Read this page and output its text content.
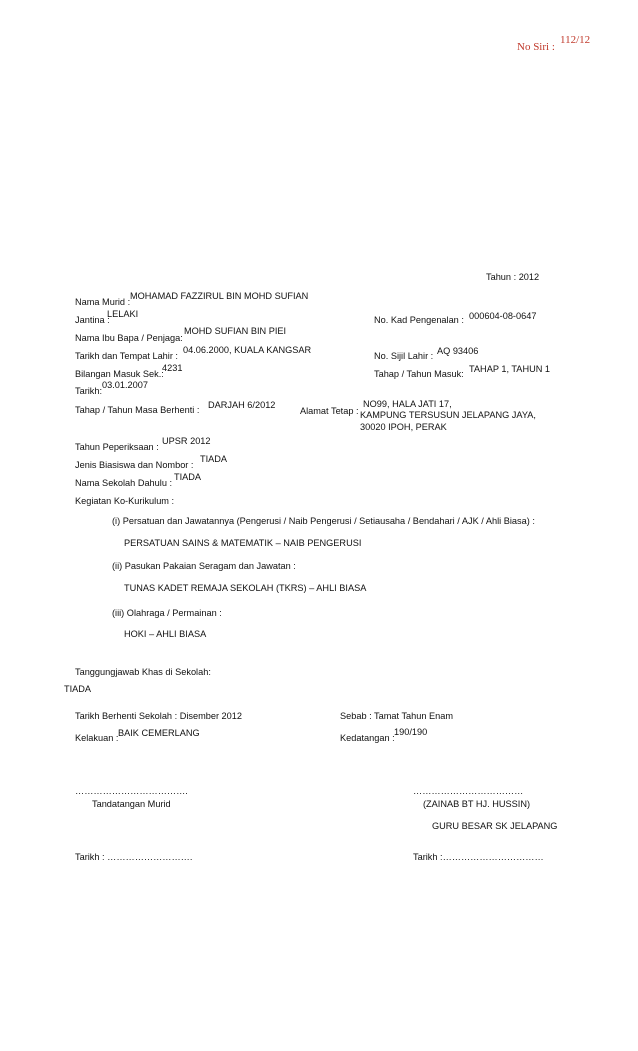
No Siri :
112/12
Tahun : 2012
Nama Murid :
MOHAMAD FAZZIRUL BIN MOHD SUFIAN
Jantina :
LELAKI
No. Kad Pengenalan : 000604-08-0647
Nama Ibu Bapa / Penjaga:
MOHD SUFIAN BIN PIEI
Tarikh dan Tempat Lahir :
04.06.2000, KUALA KANGSAR
No. Sijil Lahir : AQ 93406
Bilangan Masuk Sek.:
4231
Tahap / Tahun Masuk: TAHAP 1, TAHUN 1
Tarikh:
03.01.2007
Tahap / Tahun Masa Berhenti : DARJAH 6/2012
Alamat Tetap :
NO99, HALA JATI 17,
KAMPUNG TERSUSUN JELAPANG JAYA,
30020 IPOH, PERAK
Tahun Peperiksaan :
UPSR 2012
Jenis Biasiswa dan Nombor :
TIADA
Nama Sekolah Dahulu :
TIADA
Kegiatan Ko-Kurikulum :
(i) Persatuan dan Jawatannya (Pengerusi / Naib Pengerusi / Setiausaha / Bendahari / AJK / Ahli Biasa) :
PERSATUAN SAINS & MATEMATIK – NAIB PENGERUSI
(ii) Pasukan Pakaian Seragam dan Jawatan :
TUNAS KADET REMAJA SEKOLAH (TKRS) – AHLI BIASA
(iii) Olahraga / Permainan :
HOKI – AHLI BIASA
Tanggungjawab Khas di Sekolah:
TIADA
Tarikh Berhenti Sekolah : Disember 2012	Sebab : Tamat Tahun Enam
Kelakuan : BAIK CEMERLANG	Kedatangan :
190/190
……………………………….	………………………………
Tandatangan Murid	(ZAINAB BT HJ. HUSSIN)
GURU BESAR SK JELAPANG
Tarikh : ……………………….	Tarikh :……………………………
